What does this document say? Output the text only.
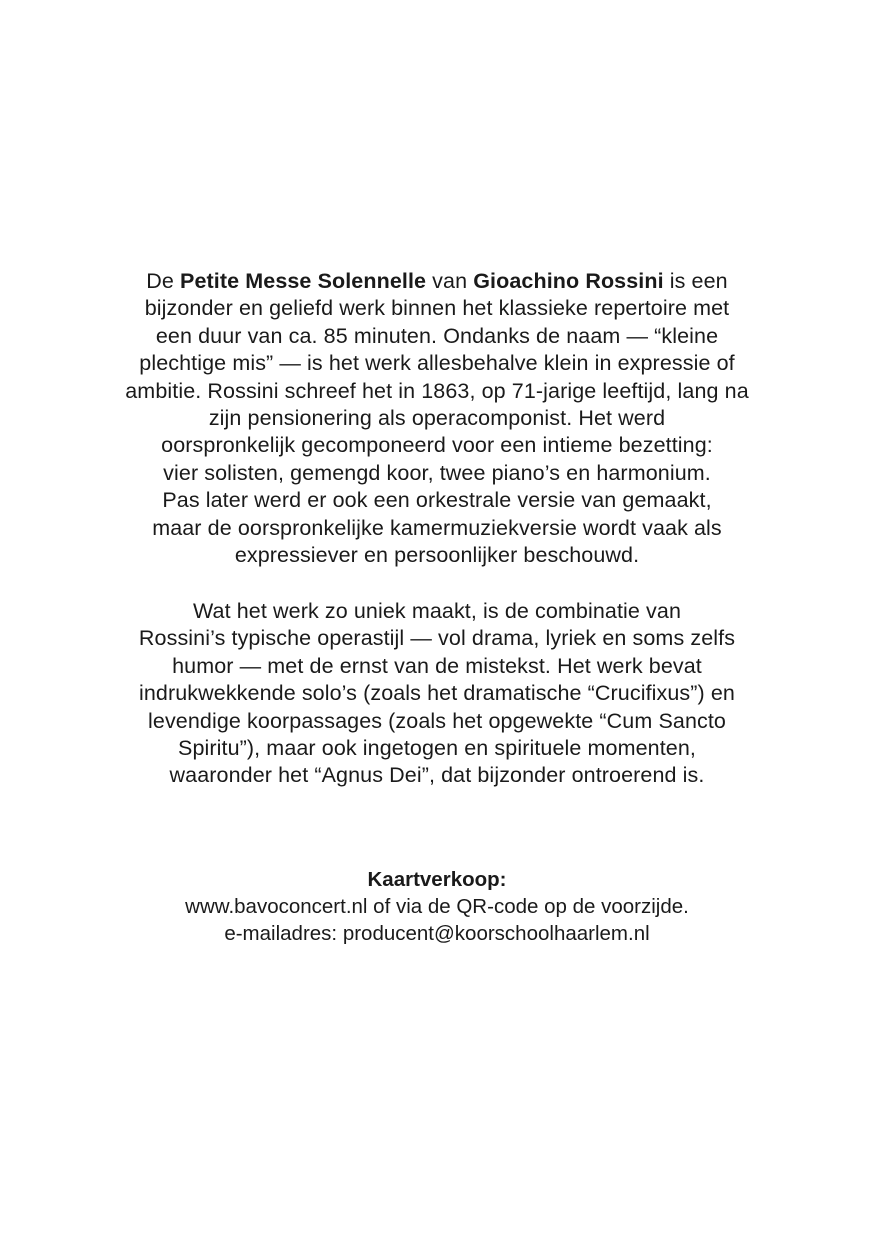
De Petite Messe Solennelle van Gioachino Rossini is een
bijzonder en geliefd werk binnen het klassieke repertoire met
een duur van ca. 85 minuten. Ondanks de naam — “kleine
plechtige mis” — is het werk allesbehalve klein in expressie of
ambitie. Rossini schreef het in 1863, op 71-jarige leeftijd, lang na
zijn pensionering als operacomponist. Het werd
oorspronkelijk gecomponeerd voor een intieme bezetting:
vier solisten, gemengd koor, twee piano’s en harmonium.
Pas later werd er ook een orkestrale versie van gemaakt,
maar de oorspronkelijke kamermuziekversie wordt vaak als
expressiever en persoonlijker beschouwd.
Wat het werk zo uniek maakt, is de combinatie van
Rossini’s typische operastijl — vol drama, lyriek en soms zelfs
humor — met de ernst van de mistekst. Het werk bevat
indrukwekkende solo’s (zoals het dramatische “Crucifixus”) en
levendige koorpassages (zoals het opgewekte “Cum Sancto
Spiritu”), maar ook ingetogen en spirituele momenten,
waaronder het “Agnus Dei”, dat bijzonder ontroerend is.
Kaartverkoop:
www.bavoconcert.nl of via de QR-code op de voorzijde.
e-mailadres: producent@koorschoolhaarlem.nl
